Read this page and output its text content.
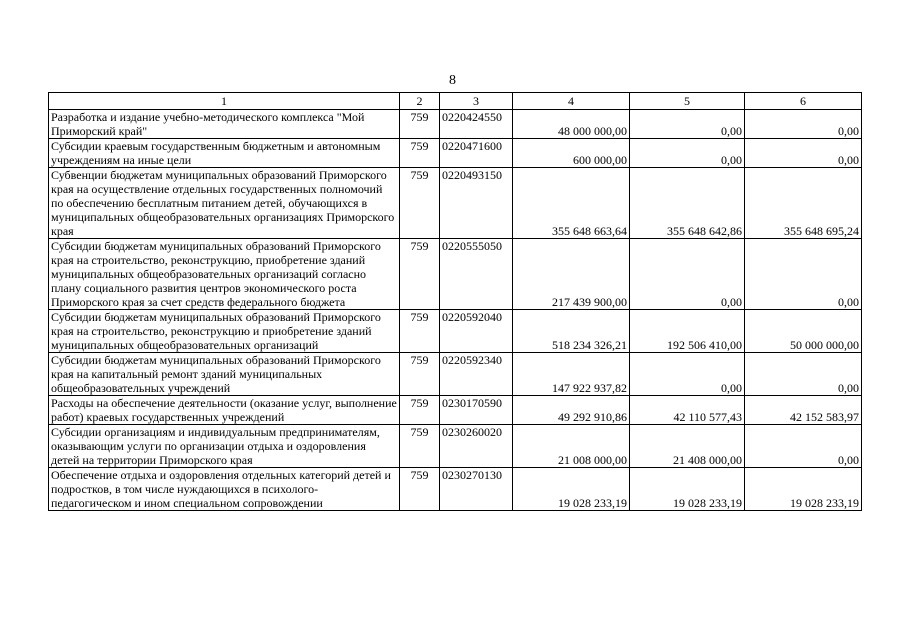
8
1	2	3	4	5	6
Разработка и издание учебно-методического комплекса "Мой Приморский край"	759	0220424550	48 000 000,00	0,00	0,00
Субсидии краевым государственным бюджетным и автономным учреждениям на иные цели	759	0220471600	600 000,00	0,00	0,00
Субвенции бюджетам муниципальных образований Приморского края на осуществление отдельных государственных полномочий по обеспечению бесплатным питанием детей, обучающихся в муниципальных общеобразовательных организациях Приморского края	759	0220493150	355 648 663,64	355 648 642,86	355 648 695,24
Субсидии бюджетам муниципальных образований Приморского края на строительство, реконструкцию, приобретение зданий муниципальных общеобразовательных организаций согласно плану социального развития центров экономического роста Приморского края за счет средств федерального бюджета	759	0220555050	217 439 900,00	0,00	0,00
Субсидии бюджетам муниципальных образований Приморского края на строительство, реконструкцию и приобретение зданий муниципальных общеобразовательных организаций	759	0220592040	518 234 326,21	192 506 410,00	50 000 000,00
Субсидии бюджетам муниципальных образований Приморского края на капитальный ремонт зданий муниципальных общеобразовательных учреждений	759	0220592340	147 922 937,82	0,00	0,00
Расходы на обеспечение деятельности (оказание услуг, выполнение работ) краевых государственных учреждений	759	0230170590	49 292 910,86	42 110 577,43	42 152 583,97
Субсидии организациям и индивидуальным предпринимателям, оказывающим услуги по организации отдыха и оздоровления детей на территории Приморского края	759	0230260020	21 008 000,00	21 408 000,00	0,00
Обеспечение отдыха и оздоровления отдельных категорий детей и подростков, в том числе нуждающихся в психолого-педагогическом и ином специальном сопровождении	759	0230270130	19 028 233,19	19 028 233,19	19 028 233,19
